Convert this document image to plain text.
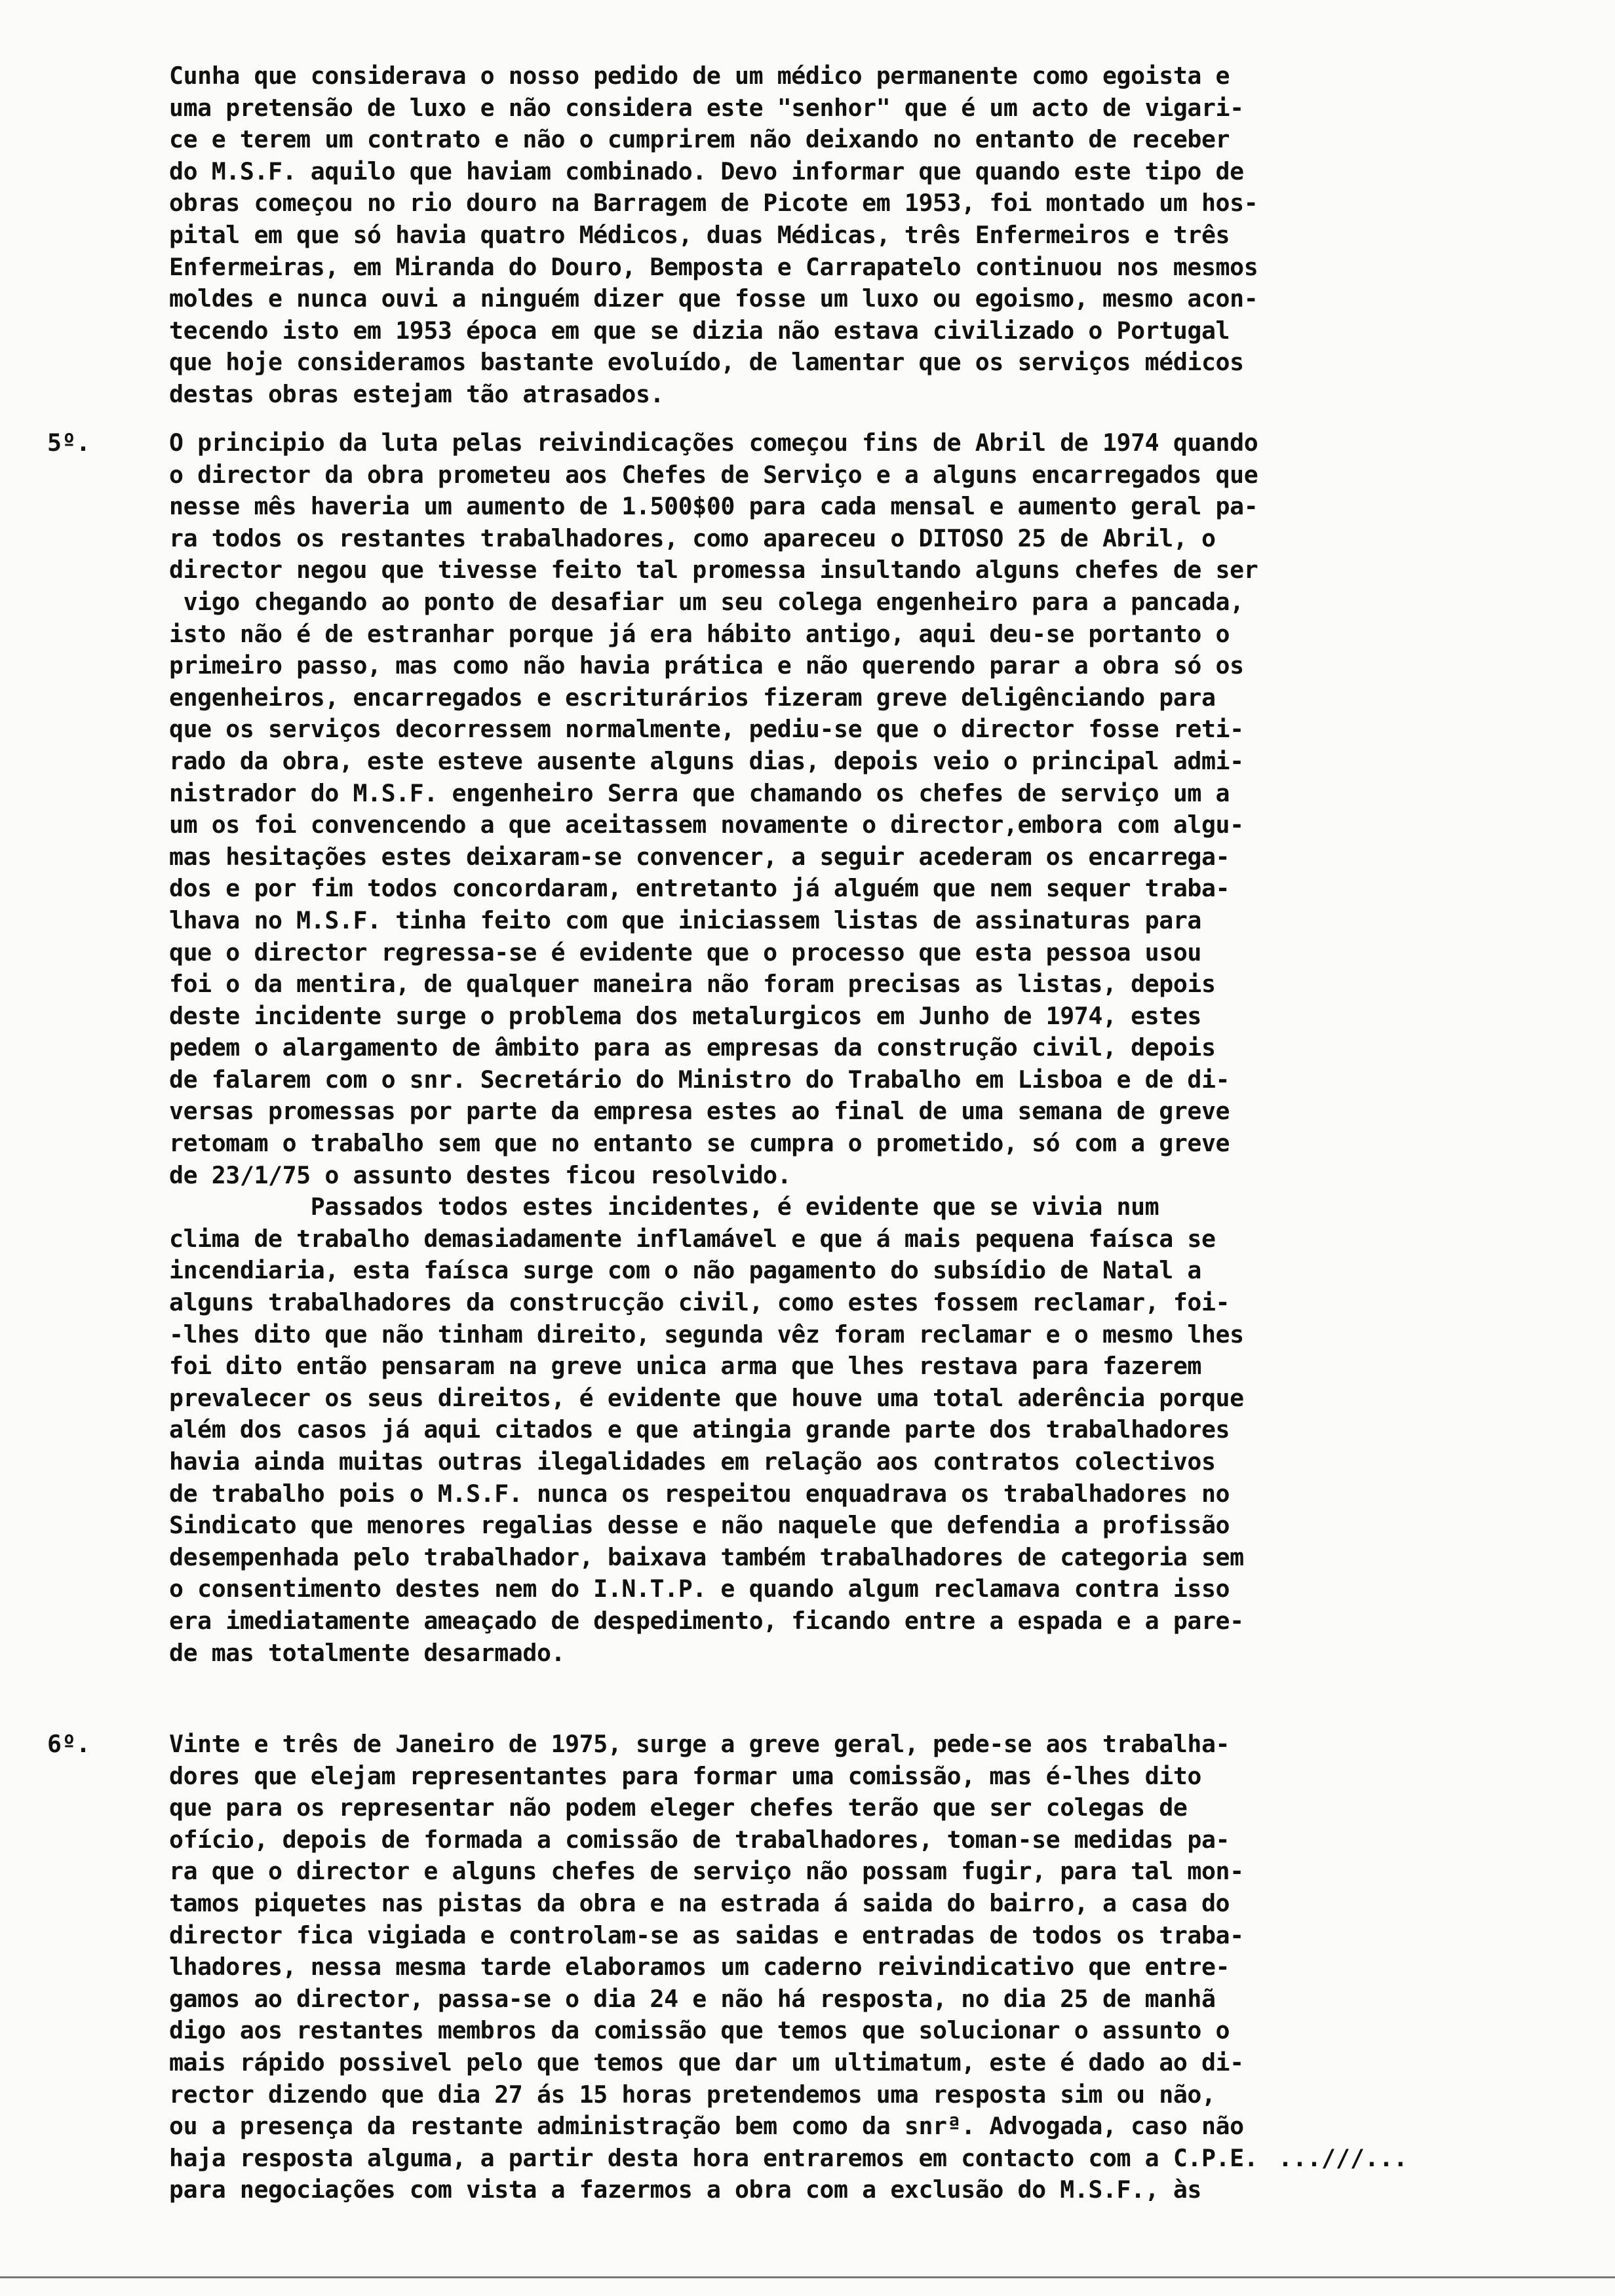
Cunha que considerava o nosso pedido de um médico permanente como egoista e
uma pretensão de luxo e não considera este "senhor" que é um acto de vigari-
ce e terem um contrato e não o cumprirem não deixando no entanto de receber
do M.S.F. aquilo que haviam combinado. Devo informar que quando este tipo de
obras começou no rio douro na Barragem de Picote em 1953, foi montado um hos-
pital em que só havia quatro Médicos, duas Médicas, três Enfermeiros e três
Enfermeiras, em Miranda do Douro, Bemposta e Carrapatelo continuou nos mesmos
moldes e nunca ouvi a ninguém dizer que fosse um luxo ou egoismo, mesmo acon-
tecendo isto em 1953 época em que se dizia não estava civilizado o Portugal
que hoje consideramos bastante evoluído, de lamentar que os serviços médicos
destas obras estejam tão atrasados.

5º.	O principio da luta pelas reivindicações começou fins de Abril de 1974 quando
o director da obra prometeu aos Chefes de Serviço e a alguns encarregados que
nesse mês haveria um aumento de 1.500$00 para cada mensal e aumento geral pa-
ra todos os restantes trabalhadores, como apareceu o DITOSO 25 de Abril, o
director negou que tivesse feito tal promessa insultando alguns chefes de ser
vigo chegando ao ponto de desafiar um seu colega engenheiro para a pancada,
isto não é de estranhar porque já era hábito antigo, aqui deu-se portanto o
primeiro passo, mas como não havia prática e não querendo parar a obra só os
engenheiros, encarregados e escriturários fizeram greve deligênciando para
que os serviços decorressem normalmente, pediu-se que o director fosse reti-
rado da obra, este esteve ausente alguns dias, depois veio o principal admi-
nistrador do M.S.F. engenheiro Serra que chamando os chefes de serviço um a
um os foi convencendo a que aceitassem novamente o director,embora com algu-
mas hesitações estes deixaram-se convencer, a seguir acederam os encarrega-
dos e por fim todos concordaram, entretanto já alguém que nem sequer traba-
lhava no M.S.F. tinha feito com que iniciassem listas de assinaturas para
que o director regressa-se é evidente que o processo que esta pessoa usou
foi o da mentira, de qualquer maneira não foram precisas as listas, depois
deste incidente surge o problema dos metalurgicos em Junho de 1974, estes
pedem o alargamento de âmbito para as empresas da construção civil, depois
de falarem com o snr. Secretário do Ministro do Trabalho em Lisboa e de di-
versas promessas por parte da empresa estes ao final de uma semana de greve
retomam o trabalho sem que no entanto se cumpra o prometido, só com a greve
de 23/1/75 o assunto destes ficou resolvido.
Passados todos estes incidentes, é evidente que se vivia num
clima de trabalho demasiadamente inflamável e que á mais pequena faísca se
incendiaria, esta faísca surge com o não pagamento do subsídio de Natal a
alguns trabalhadores da construcção civil, como estes fossem reclamar, foi-
-lhes dito que não tinham direito, segunda vêz foram reclamar e o mesmo lhes
foi dito então pensaram na greve unica arma que lhes restava para fazerem
prevalecer os seus direitos, é evidente que houve uma total aderência porque
além dos casos já aqui citados e que atingia grande parte dos trabalhadores
havia ainda muitas outras ilegalidades em relação aos contratos colectivos
de trabalho pois o M.S.F. nunca os respeitou enquadrava os trabalhadores no
Sindicato que menores regalias desse e não naquele que defendia a profissão
desempenhada pelo trabalhador, baixava também trabalhadores de categoria sem
o consentimento destes nem do I.N.T.P. e quando algum reclamava contra isso
era imediatamente ameaçado de despedimento, ficando entre a espada e a pare-
de mas totalmente desarmado.

6º.	Vinte e três de Janeiro de 1975, surge a greve geral, pede-se aos trabalha-
dores que elejam representantes para formar uma comissão, mas é-lhes dito
que para os representar não podem eleger chefes terão que ser colegas de
ofício, depois de formada a comissão de trabalhadores, toman-se medidas pa-
ra que o director e alguns chefes de serviço não possam fugir, para tal mon-
tamos piquetes nas pistas da obra e na estrada á saida do bairro, a casa do
director fica vigiada e controlam-se as saidas e entradas de todos os traba-
lhadores, nessa mesma tarde elaboramos um caderno reivindicativo que entre-
gamos ao director, passa-se o dia 24 e não há resposta, no dia 25 de manhã
digo aos restantes membros da comissão que temos que solucionar o assunto o
mais rápido possivel pelo que temos que dar um ultimatum, este é dado ao di-
rector dizendo que dia 27 ás 15 horas pretendemos uma resposta sim ou não,
ou a presença da restante administração bem como da snrª. Advogada, caso não
haja resposta alguma, a partir desta hora entraremos em contacto com a C.P.E.
para negociações com vista a fazermos a obra com a exclusão do M.S.F., às

...///...
